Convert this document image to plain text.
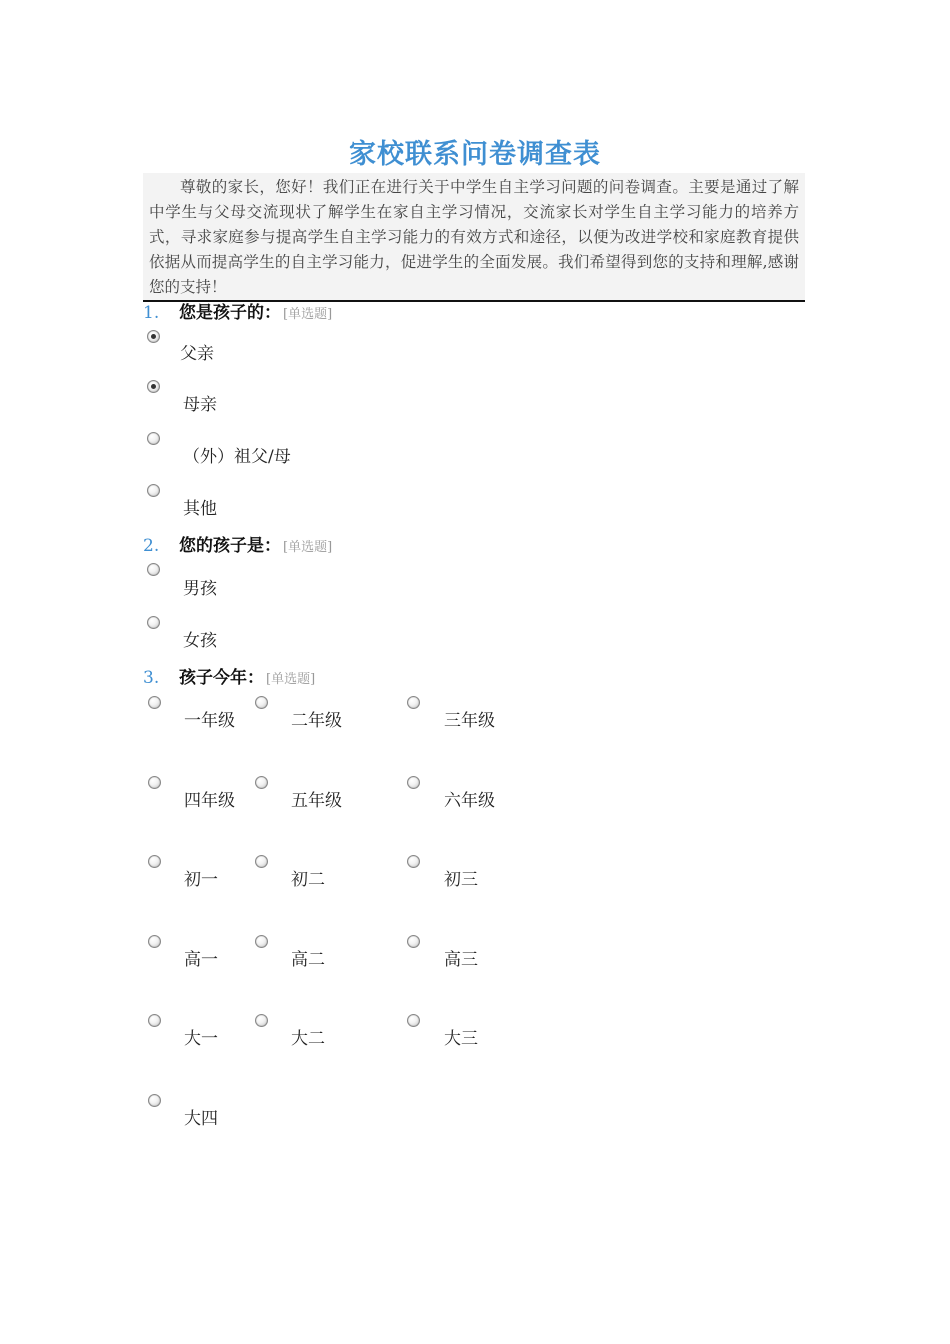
家校联系问卷调查表
尊敬的家长，您好！我们正在进行关于中学生自主学习问题的问卷调查。主要是通过了解中学生与父母交流现状了解学生在家自主学习情况，交流家长对学生自主学习能力的培养方式，寻求家庭参与提高学生自主学习能力的有效方式和途径，以便为改进学校和家庭教育提供依据从而提高学生的自主学习能力，促进学生的全面发展。我们希望得到您的支持和理解,感谢您的支持！
1. 您是孩子的： [单选题]
父亲
母亲
（外）祖父/母
其他
2. 您的孩子是： [单选题]
男孩
女孩
3. 孩子今年： [单选题]
一年级	二年级	三年级
四年级	五年级	六年级
初一	初二	初三
高一	高二	高三
大一	大二	大三
大四
